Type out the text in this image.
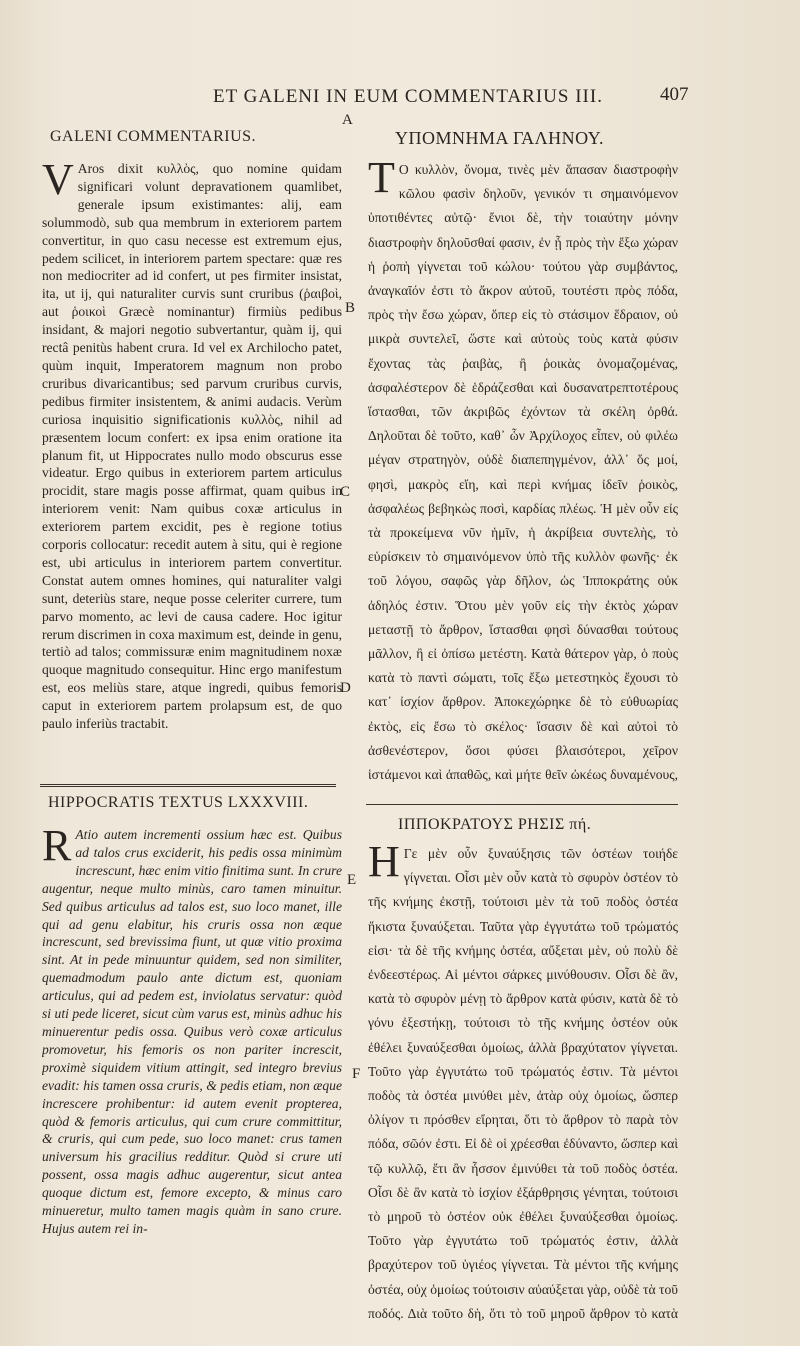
ET GALENI IN EUM COMMENTARIUS III.	407
A
B
C
D
E
F
GALENI COMMENTARIUS.	ΥΠΟΜΝΗΜΑ ΓΑΛΗΝΟΥ.

V Aros dixit κυλλὸς, quo nomine quidam significari volunt depravationem quamlibet, generale ipsum existimantes: alij, eam solummodò, sub qua membrum in exteriorem partem convertitur, in quo casu necesse est extremum ejus, pedem scilicet, in interiorem partem spectare: quæ res non mediocriter ad id confert, ut pes firmiter insistat, ita, ut ij, qui naturaliter curvis sunt cruribus (ῥαιβοὶ, aut ῥοικοὶ Græcè nominantur) firmiùs pedibus insidant, & majori negotio subvertantur, quàm ij, qui rectâ penitùs habent crura. Id vel ex Archilocho patet, quùm inquit, Imperatorem magnum non probo cruribus divaricantibus; sed parvum cruribus curvis, pedibus firmiter insistentem, & animi audacis. Verùm curiosa inquisitio significationis κυλλὸς, nihil ad præsentem locum confert: ex ipsa enim oratione ita planum fit, ut Hippocrates nullo modo obscurus esse videatur. Ergo quibus in exteriorem partem articulus procidit, stare magis posse affirmat, quam quibus in interiorem venit: Nam quibus coxæ articulus in exteriorem partem excidit, pes è regione totius corporis collocatur: recedit autem à situ, qui è regione est, ubi articulus in interiorem partem convertitur. Constat autem omnes homines, qui naturaliter valgi sunt, deteriùs stare, neque posse celeriter currere, tum parvo momento, ac levi de causa cadere. Hoc igitur rerum discrimen in coxa maximum est, deinde in genu, tertiò ad talos; commissuræ enim magnitudinem noxæ quoque magnitudo consequitur. Hinc ergo manifestum est, eos meliùs stare, atque ingredi, quibus femoris caput in exteriorem partem prolapsum est, de quo paulo inferiùs tractabit.

Τ Ο κυλλὸν, ὄνομα, τινὲς μὲν ἅπασαν διαστροφὴν κῶλου φασὶν δηλοῦν, γενικόν τι σημαινόμενον ὑποτιθέντες αὐτῷ· ἔνιοι δὲ, τὴν τοιαύτην μόνην διαστροφὴν δηλοῦσθαί φασιν, ἐν ᾗ πρὸς τὴν ἔξω χώραν ἡ ῥοπὴ γίγνεται τοῦ κώλου· τούτου γὰρ συμβάντος, ἀναγκαῖόν ἐστι τὸ ἄκρον αὐτοῦ, τουτέστι πρὸς πόδα, πρὸς τὴν ἔσω χώραν, ὅπερ εἰς τὸ στάσιμον ἕδραιον, οὐ μικρὰ συντελεῖ, ὥστε καὶ αὐτοὺς τοὺς κατὰ φύσιν ἔχοντας τὰς ῥαιβὰς, ἢ ῥοικὰς ὀνομαζομένας, ἀσφαλέστερον δὲ ἑδράζεσθαι καὶ δυσανατρεπτοτέρους ἵστασθαι, τῶν ἀκριβῶς ἐχόντων τὰ σκέλη ὀρθά. Δηλοῦται δὲ τοῦτο, καθ᾽ ὧν Ἀρχίλοχος εἶπεν, οὐ φιλέω μέγαν στρατηγὸν, οὐδὲ διαπεπηγμένον, ἀλλ᾽ ὅς μοί, φησὶ, μακρὸς εἴη, καὶ περὶ κνήμας ἰδεῖν ῥοικὸς, ἀσφαλέως βεβηκὼς ποσὶ, καρδίας πλέως. Ἡ μὲν οὖν εἰς τὰ προκείμενα νῦν ἡμῖν, ἡ ἀκρίβεια συντελὴς, τὸ εὑρίσκειν τὸ σημαινόμενον ὑπὸ τῆς κυλλὸν φωνῆς· ἐκ τοῦ λόγου, σαφῶς γὰρ δῆλον, ὡς Ἱπποκράτης οὐκ ἀδηλός ἐστιν. Ὅτου μὲν γοῦν εἰς τὴν ἐκτὸς χώραν μεταστῇ τὸ ἄρθρον, ἵστασθαι φησὶ δύνασθαι τούτους μᾶλλον, ἢ εἰ ὀπίσω μετέστη. Κατὰ θάτερον γὰρ, ὁ ποὺς κατὰ τὸ παντὶ σώματι, τοῖς ἔξω μετεστηκὸς ἔχουσι τὸ κατ᾽ ἰσχίον ἄρθρον. Ἀποκεχώρηκε δὲ τὸ εὐθυωρίας ἐκτὸς, εἰς ἔσω τὸ σκέλος· ἴσασιν δὲ καὶ αὐτοὶ τὸ ἀσθενέστερον, ὅσοι φύσει βλαισότεροι, χεῖρον ἱστάμενοι καὶ ἀπαθῶς, καὶ μήτε θεῖν ὠκέως δυναμένους,

HIPPOCRATIS TEXTUS LXXXVIII.
ΙΠΠΟΚΡΑΤΟΥΣ ΡΗΣΙΣ πή.

R Atio autem incrementi ossium hæc est. Quibus ad talos crus exciderit, his pedis ossa minimùm increscunt, hæc enim vitio finitima sunt. In crure augentur, neque multo minùs, caro tamen minuitur. Sed quibus articulus ad talos est, suo loco manet, ille qui ad genu elabitur, his cruris ossa non æque increscunt, sed brevissima fiunt, ut quæ vitio proxima sint. At in pede minuuntur quidem, sed non similiter, quemadmodum paulo ante dictum est, quoniam articulus, qui ad pedem est, inviolatus servatur: quòd si uti pede liceret, sicut cùm varus est, minùs adhuc his minuerentur pedis ossa. Quibus verò coxæ articulus promovetur, his femoris os non pariter increscit, proximè siquidem vitium attingit, sed integro brevius evadit: his tamen ossa cruris, & pedis etiam, non æque increscere prohibentur: id autem evenit propterea, quòd & femoris articulus, qui cum crure committitur, & cruris, qui cum pede, suo loco manet: crus tamen universum his gracilius redditur. Quòd si crure uti possent, ossa magis adhuc augerentur, sicut antea quoque dictum est, femore excepto, & minus caro minueretur, multo tamen magis quàm in sano crure. Hujus autem rei in-

Η Γε μὲν οὖν ξυναύξησις τῶν ὀστέων τοιήδε γίγνεται. Οἷσι μὲν οὖν κατὰ τὸ σφυρὸν ὀστέον τὸ τῆς κνήμης ἐκστῇ, τούτοισι μὲν τὰ τοῦ ποδὸς ὀστέα ἥκιστα ξυναύξεται. Ταῦτα γὰρ ἐγγυτάτω τοῦ τρώματός εἰσι· τὰ δὲ τῆς κνήμης ὀστέα, αὔξεται μὲν, οὐ πολὺ δὲ ἐνδεεστέρως. Αἱ μέντοι σάρκες μινύθουσιν. Οἷσι δὲ ἂν, κατὰ τὸ σφυρὸν μένῃ τὸ ἄρθρον κατὰ φύσιν, κατὰ δὲ τὸ γόνυ ἐξεστήκῃ, τούτοισι τὸ τῆς κνήμης ὀστέον οὐκ ἐθέλει ξυναύξεσθαι ὁμοίως, ἀλλὰ βραχύτατον γίγνεται. Τοῦτο γὰρ ἐγγυτάτω τοῦ τρώματός ἐστιν. Τὰ μέντοι ποδὸς τὰ ὀστέα μινύθει μὲν, ἀτὰρ οὐχ ὁμοίως, ὥσπερ ὀλίγον τι πρόσθεν εἴρηται, ὅτι τὸ ἄρθρον τὸ παρὰ τὸν πόδα, σῶόν ἐστι. Εἰ δὲ οἱ χρέεσθαι ἐδύναντο, ὥσπερ καὶ τῷ κυλλῷ, ἔτι ἂν ἧσσον ἐμινύθει τὰ τοῦ ποδὸς ὀστέα. Οἷσι δὲ ἂν κατὰ τὸ ἰσχίον ἐξάρθρησις γένηται, τούτοισι τὸ μηροῦ τὸ ὀστέον οὐκ ἐθέλει ξυναύξεσθαι ὁμοίως. Τοῦτο γὰρ ἐγγυτάτω τοῦ τρώματός ἐστιν, ἀλλὰ βραχύτερον τοῦ ὑγιέος γίγνεται. Τὰ μέντοι τῆς κνήμης ὀστέα, οὐχ ὁμοίως τούτοισιν αὐαύξεται γὰρ, οὐδὲ τὰ τοῦ ποδός. Διὰ τοῦτο δὴ, ὅτι τὸ τοῦ μηροῦ ἄρθρον τὸ κατὰ
